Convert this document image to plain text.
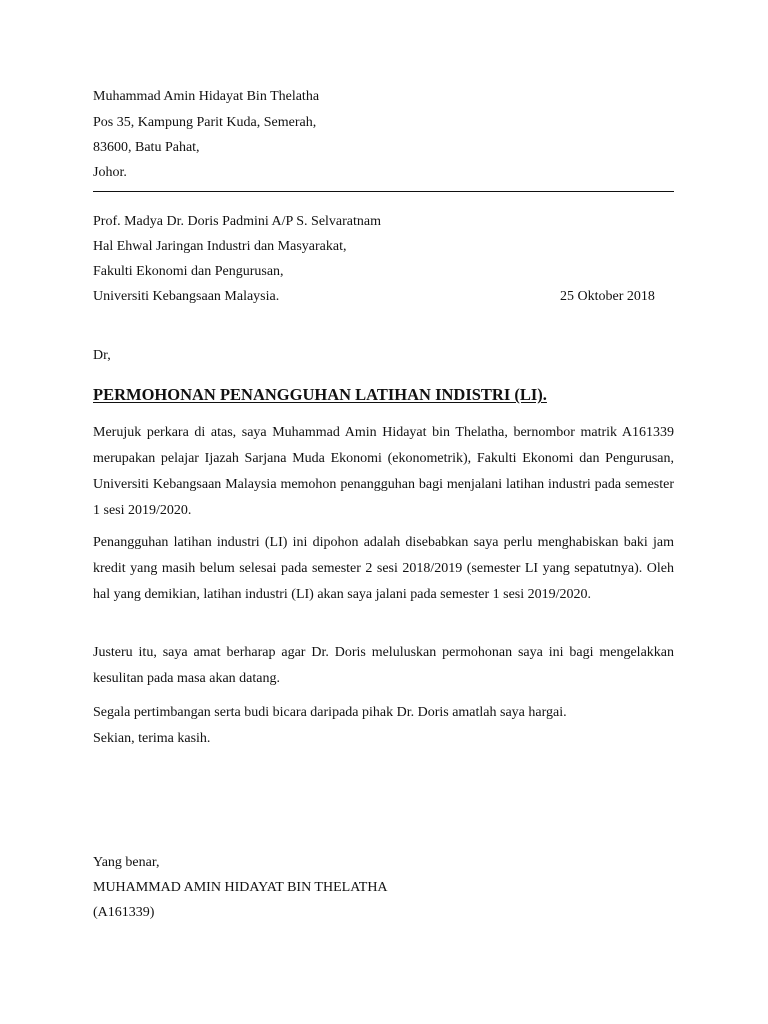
Muhammad Amin Hidayat Bin Thelatha
Pos 35, Kampung Parit Kuda, Semerah,
83600, Batu Pahat,
Johor.
Prof. Madya Dr. Doris Padmini A/P S. Selvaratnam
Hal Ehwal Jaringan Industri dan Masyarakat,
Fakulti Ekonomi dan Pengurusan,
Universiti Kebangsaan Malaysia.	25 Oktober 2018
Dr,
PERMOHONAN PENANGGUHAN LATIHAN INDISTRI (LI).

Merujuk perkara di atas, saya Muhammad Amin Hidayat bin Thelatha, bernombor matrik A161339 merupakan pelajar Ijazah Sarjana Muda Ekonomi (ekonometrik), Fakulti Ekonomi dan Pengurusan, Universiti Kebangsaan Malaysia memohon penangguhan bagi menjalani latihan industri pada semester 1 sesi 2019/2020.

Penangguhan latihan industri (LI) ini dipohon adalah disebabkan saya perlu menghabiskan baki jam kredit yang masih belum selesai pada semester 2 sesi 2018/2019 (semester LI yang sepatutnya). Oleh hal yang demikian, latihan industri (LI) akan saya jalani pada semester 1 sesi 2019/2020.

Justeru itu, saya amat berharap agar Dr. Doris meluluskan permohonan saya ini bagi mengelakkan kesulitan pada masa akan datang.

Segala pertimbangan serta budi bicara daripada pihak Dr. Doris amatlah saya hargai.
Sekian, terima kasih.
Yang benar,
MUHAMMAD AMIN HIDAYAT BIN THELATHA
(A161339)
